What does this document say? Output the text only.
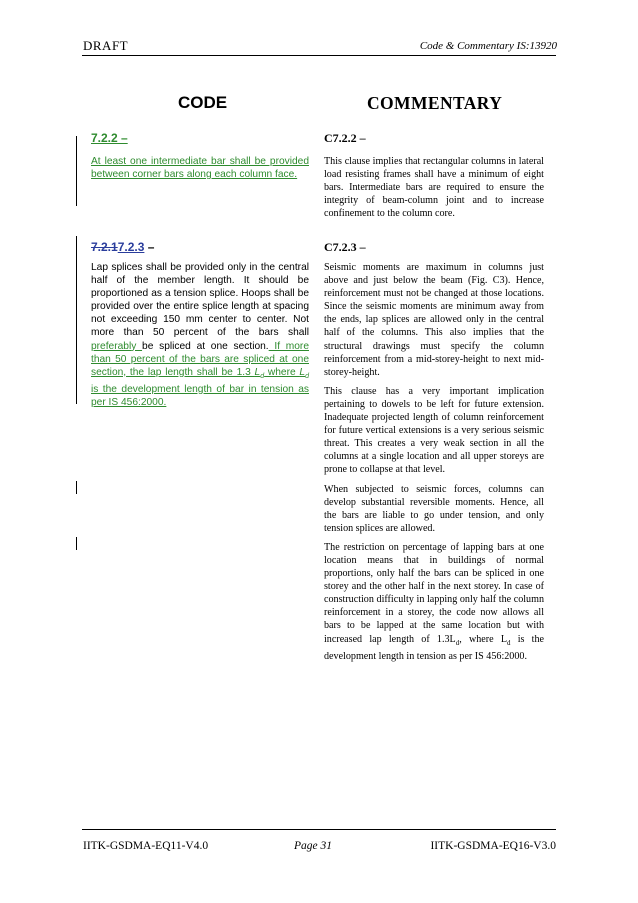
DRAFT	Code & Commentary IS:13920
CODE	COMMENTARY
7.2.2 –
At least one intermediate bar shall be provided between corner bars along each column face.
7.2.17.2.3 –
Lap splices shall be provided only in the central half of the member length. It should be proportioned as a tension splice. Hoops shall be provided over the entire splice length at spacing not exceeding 150 mm center to center. Not more than 50 percent of the bars shall preferably be spliced at one section. If more than 50 percent of the bars are spliced at one section, the lap length shall be 1.3 $L_d$ where $L_d$ is the development length of bar in tension as per IS 456:2000.
C7.2.2 –

This clause implies that rectangular columns in lateral load resisting frames shall have a minimum of eight bars. Intermediate bars are required to ensure the integrity of beam-column joint and to increase confinement to the column core.

C7.2.3 –

Seismic moments are maximum in columns just above and just below the beam (Fig. C3). Hence, reinforcement must not be changed at those locations. Since the seismic moments are minimum away from the ends, lap splices are allowed only in the central half of the columns. This also implies that the structural drawings must specify the column reinforcement from a mid-storey-height to next mid-storey-height.

This clause has a very important implication pertaining to dowels to be left for future extension. Inadequate projected length of column reinforcement for future vertical extensions is a very serious seismic threat. This creates a very weak section in all the columns at a single location and all upper storeys are prone to collapse at that level.

When subjected to seismic forces, columns can develop substantial reversible moments. Hence, all the bars are liable to go under tension, and only tension splices are allowed.

The restriction on percentage of lapping bars at one location means that in buildings of normal proportions, only half the bars can be spliced in one storey and the other half in the next storey. In case of construction difficulty in lapping only half the column reinforcement in a storey, the code now allows all bars to be lapped at the same location but with increased lap length of $1.3L_d$, where $L_d$ is the development length in tension as per IS 456:2000.

IITK-GSDMA-EQ11-V4.0	Page 31	IITK-GSDMA-EQ16-V3.0
